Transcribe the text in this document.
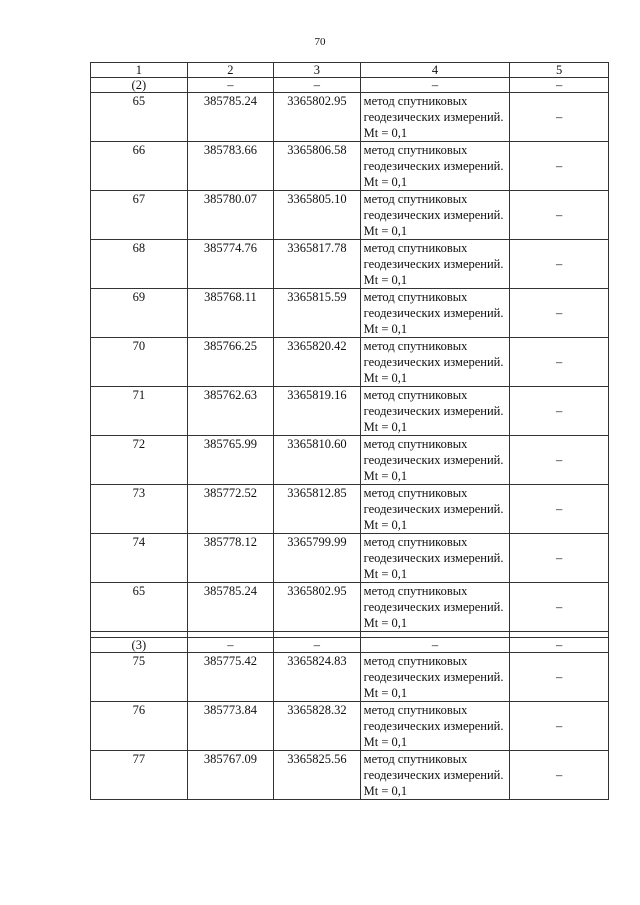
70
1	2	3	4	5
(2)	–	–	–	–
65	385785.24	3365802.95	метод спутниковых геодезических измерений. Mt = 0,1	–
66	385783.66	3365806.58	метод спутниковых геодезических измерений. Mt = 0,1	–
67	385780.07	3365805.10	метод спутниковых геодезических измерений. Mt = 0,1	–
68	385774.76	3365817.78	метод спутниковых геодезических измерений. Mt = 0,1	–
69	385768.11	3365815.59	метод спутниковых геодезических измерений. Mt = 0,1	–
70	385766.25	3365820.42	метод спутниковых геодезических измерений. Mt = 0,1	–
71	385762.63	3365819.16	метод спутниковых геодезических измерений. Mt = 0,1	–
72	385765.99	3365810.60	метод спутниковых геодезических измерений. Mt = 0,1	–
73	385772.52	3365812.85	метод спутниковых геодезических измерений. Mt = 0,1	–
74	385778.12	3365799.99	метод спутниковых геодезических измерений. Mt = 0,1	–
65	385785.24	3365802.95	метод спутниковых геодезических измерений. Mt = 0,1	–

(3)	–	–	–	–
75	385775.42	3365824.83	метод спутниковых геодезических измерений. Mt = 0,1	–
76	385773.84	3365828.32	метод спутниковых геодезических измерений. Mt = 0,1	–
77	385767.09	3365825.56	метод спутниковых геодезических измерений. Mt = 0,1	–
